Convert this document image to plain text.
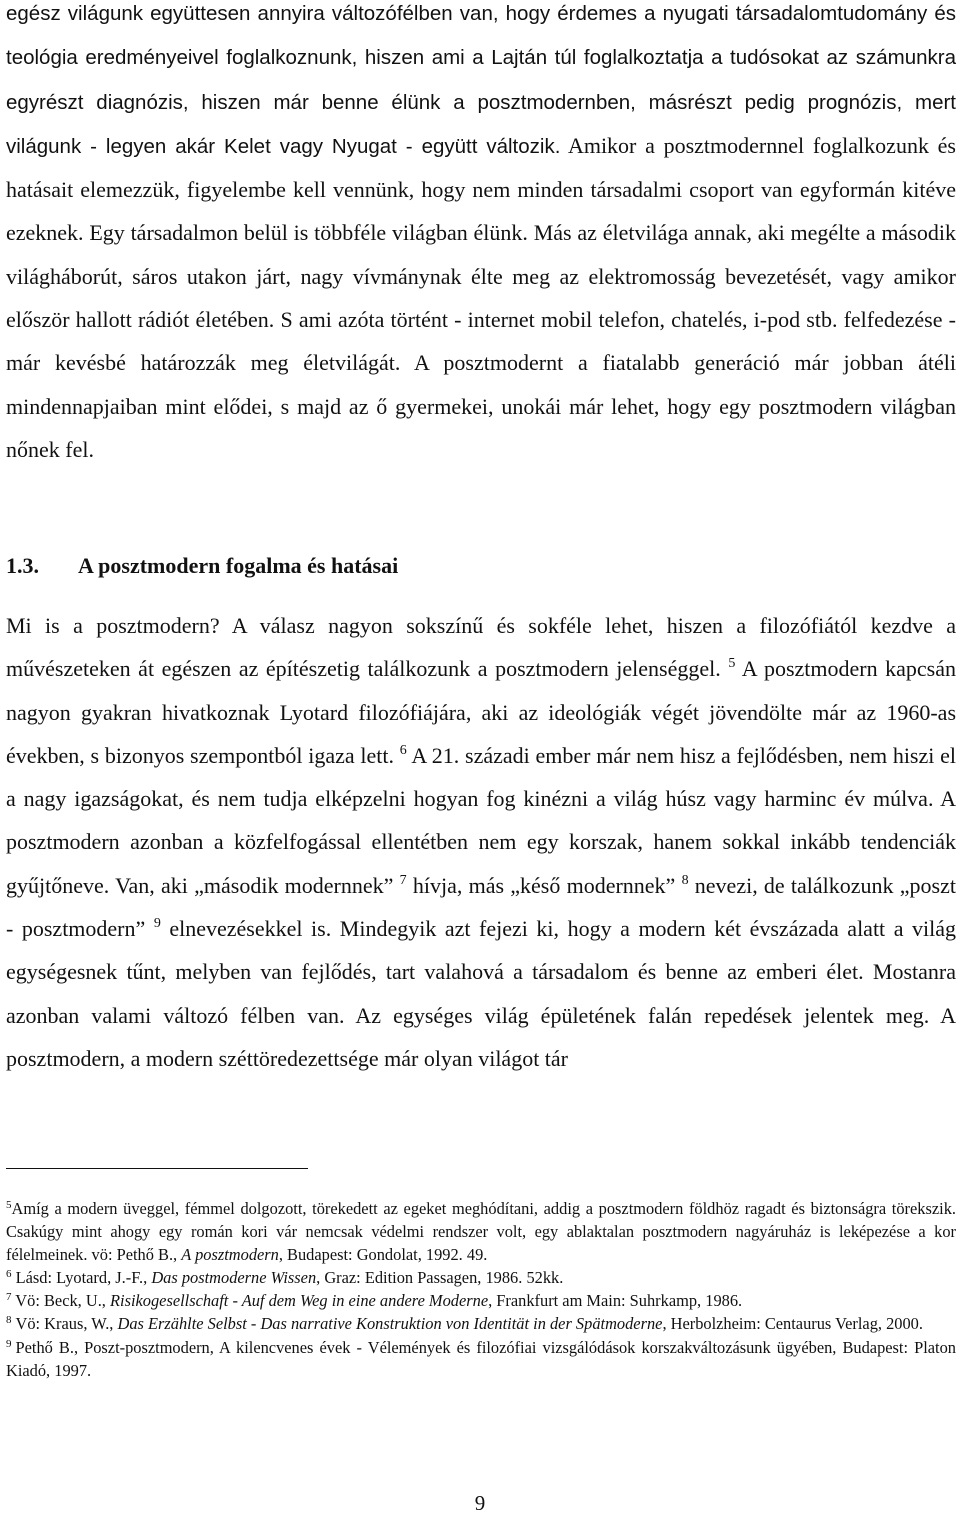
egész világunk együttesen annyira változófélben van, hogy érdemes a nyugati társadalomtudomány és teológia eredményeivel foglalkoznunk, hiszen ami a Lajtán túl foglalkoztatja a tudósokat az számunkra egyrészt diagnózis, hiszen már benne élünk a posztmodernben, másrészt pedig prognózis, mert világunk - legyen akár Kelet vagy Nyugat - együtt változik. Amikor a posztmodernnel foglalkozunk és hatásait elemezzük, figyelembe kell vennünk, hogy nem minden társadalmi csoport van egyformán kitéve ezeknek. Egy társadalmon belül is többféle világban élünk. Más az életvilága annak, aki megélte a második világháborút, sáros utakon járt, nagy vívmánynak élte meg az elektromosság bevezetését, vagy amikor először hallott rádiót életében. S ami azóta történt - internet mobil telefon, chatelés, i-pod stb. felfedezése - már kevésbé határozzák meg életvilágát. A posztmodernt a fiatalabb generáció már jobban átéli mindennapjaiban mint elődei, s majd az ő gyermekei, unokái már lehet, hogy egy posztmodern világban nőnek fel.

1.3. A posztmodern fogalma és hatásai

Mi is a posztmodern? A válasz nagyon sokszínű és sokféle lehet, hiszen a filozófiától kezdve a művészeteken át egészen az építészetig találkozunk a posztmodern jelenséggel. $^5$ A posztmodern kapcsán nagyon gyakran hivatkoznak Lyotard filozófiájára, aki az ideológiák végét jövendölte már az 1960-as években, s bizonyos szempontból igaza lett. $^6$ A 21. századi ember már nem hisz a fejlődésben, nem hiszi el a nagy igazságokat, és nem tudja elképzelni hogyan fog kinézni a világ húsz vagy harminc év múlva. A posztmodern azonban a közfelfogással ellentétben nem egy korszak, hanem sokkal inkább tendenciák gyűjtőneve. Van, aki „második modernnek” $^7$ hívja, más „késő modernnek” $^8$ nevezi, de találkozunk „poszt - posztmodern” $^9$ elnevezésekkel is. Mindegyik azt fejezi ki, hogy a modern két évszázada alatt a világ egységesnek tűnt, melyben van fejlődés, tart valahová a társadalom és benne az emberi élet. Mostanra azonban valami változó félben van. Az egységes világ épületének falán repedések jelentek meg. A posztmodern, a modern széttöredezettsége már olyan világot tár

$^5$Amíg a modern üveggel, fémmel dolgozott, törekedett az egeket meghódítani, addig a posztmodern földhöz ragadt és biztonságra törekszik. Csakúgy mint ahogy egy román kori vár nemcsak védelmi rendszer volt, egy ablaktalan posztmodern nagyáruház is leképezése a kor félelmeinek. vö: Pethő B., A posztmodern, Budapest: Gondolat, 1992. 49.

$^6$ Lásd: Lyotard, J.-F., Das postmoderne Wissen, Graz: Edition Passagen, 1986. 52kk.

$^7$ Vö: Beck, U., Risikogesellschaft - Auf dem Weg in eine andere Moderne, Frankfurt am Main: Suhrkamp, 1986.

$^8$ Vö: Kraus, W., Das Erzählte Selbst - Das narrative Konstruktion von Identität in der Spätmoderne, Herbolzheim: Centaurus Verlag, 2000.

$^9$ Pethő B., Poszt-posztmodern, A kilencvenes évek - Vélemények és filozófiai vizsgálódások korszakváltozásunk ügyében, Budapest: Platon Kiadó, 1997.

9
